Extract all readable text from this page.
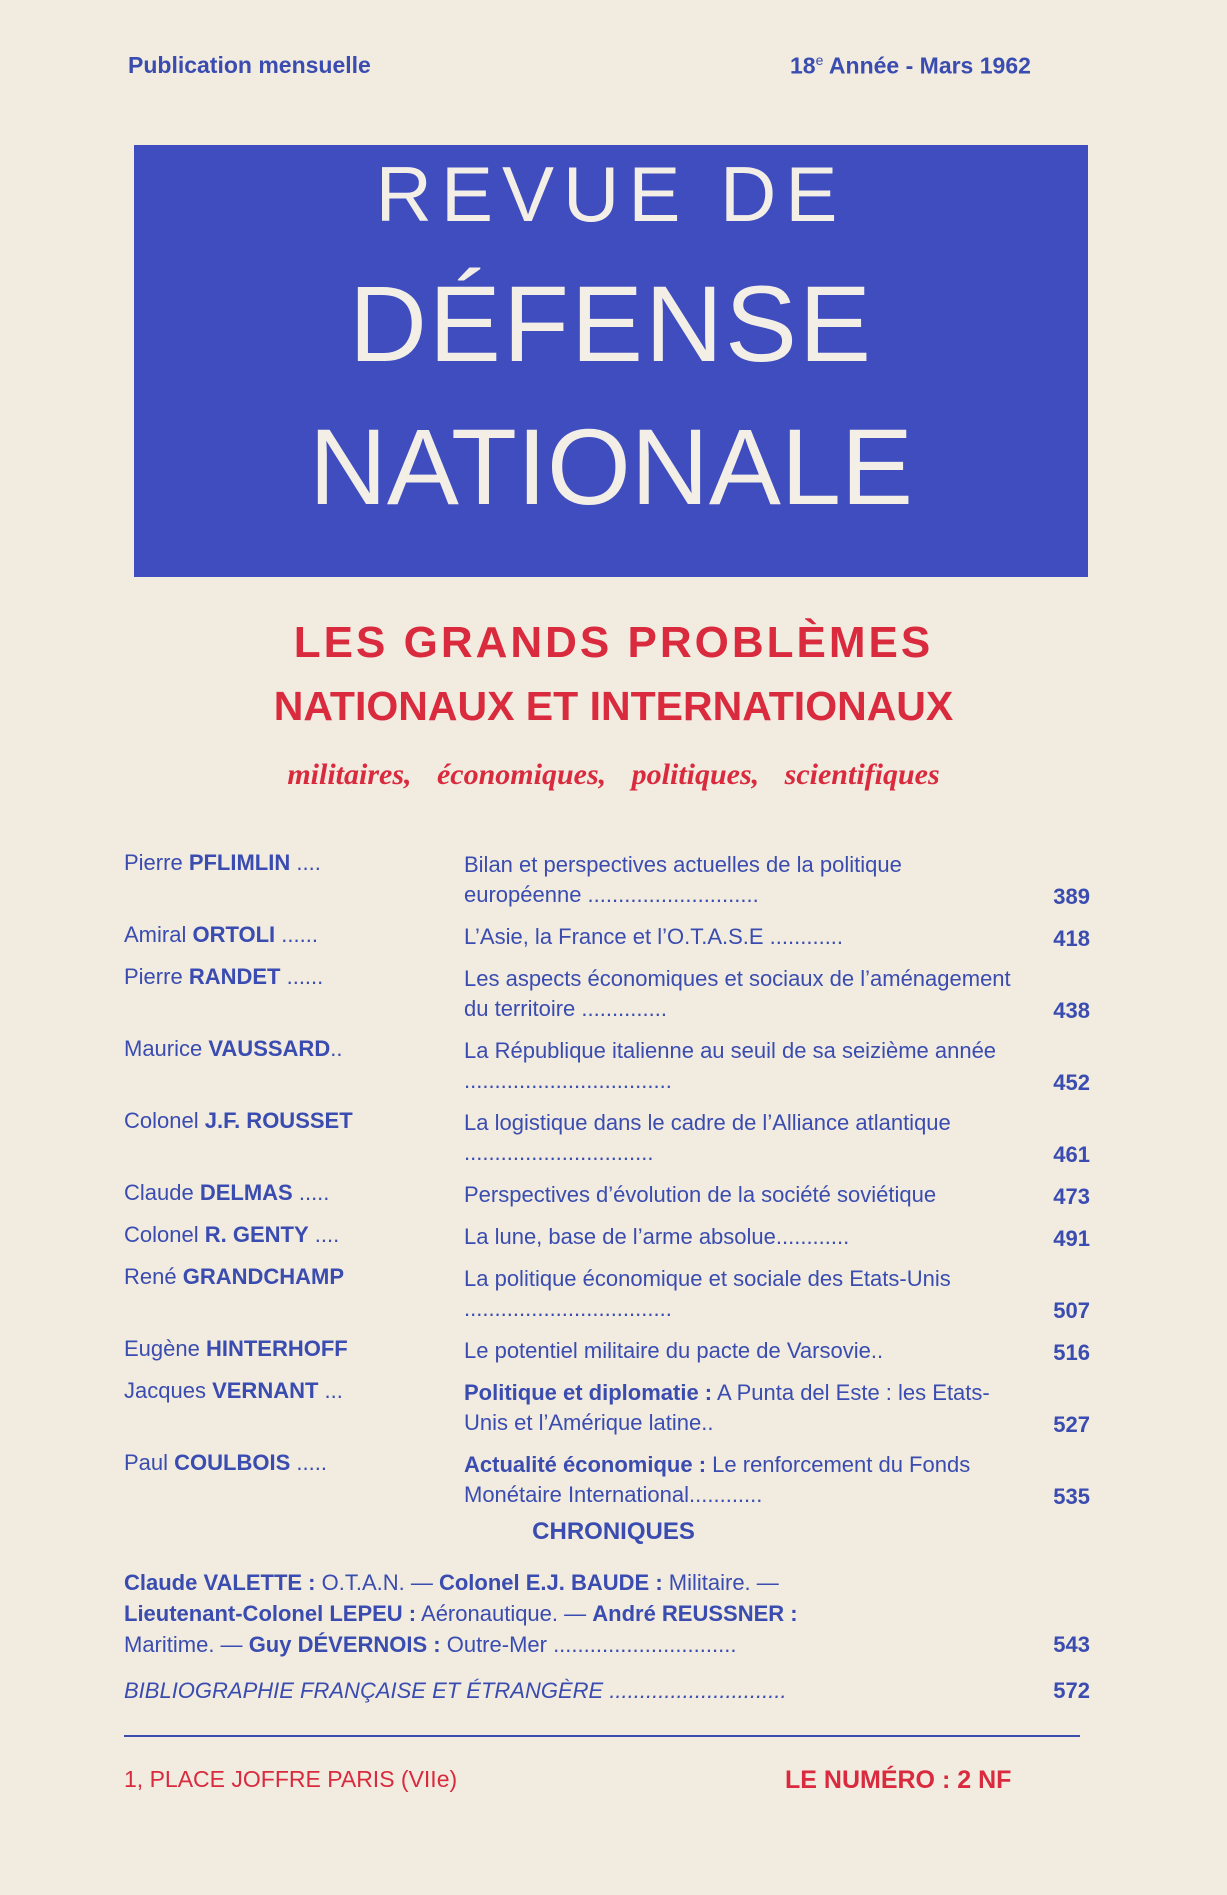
Publication mensuelle	18e Année - Mars 1962
REVUE DE
DÉFENSE
NATIONALE
LES GRANDS PROBLÈMES
NATIONAUX ET INTERNATIONAUX
militaires, économiques, politiques, scientifiques
Pierre PFLIMLIN ....	Bilan et perspectives actuelles de la politique européenne ............................	389
Amiral ORTOLI ......	L’Asie, la France et l’O.T.A.S.E ............	418
Pierre RANDET ......	Les aspects économiques et sociaux de l’aménagement du territoire ..............	438
Maurice VAUSSARD..	La République italienne au seuil de sa seizième année ..................................	452
Colonel J.F. ROUSSET	La logistique dans le cadre de l’Alliance atlantique ...............................	461
Claude DELMAS .....	Perspectives d’évolution de la société soviétique	473
Colonel R. GENTY ....	La lune, base de l’arme absolue............	491
René GRANDCHAMP	La politique économique et sociale des Etats-Unis ..................................	507
Eugène HINTERHOFF	Le potentiel militaire du pacte de Varsovie..	516
Jacques VERNANT ...	Politique et diplomatie : A Punta del Este : les Etats-Unis et l’Amérique latine..	527
Paul COULBOIS .....	Actualité économique : Le renforcement du Fonds Monétaire International............	535
CHRONIQUES
Claude VALETTE : O.T.A.N. — Colonel E.J. BAUDE : Militaire. —
Lieutenant-Colonel LEPEU : Aéronautique. — André REUSSNER :
Maritime. — Guy DÉVERNOIS : Outre-Mer ..............................	543
BIBLIOGRAPHIE FRANÇAISE ET ÉTRANGÈRE .............................	572
1, PLACE JOFFRE PARIS (VIIe)	LE NUMÉRO : 2 NF
